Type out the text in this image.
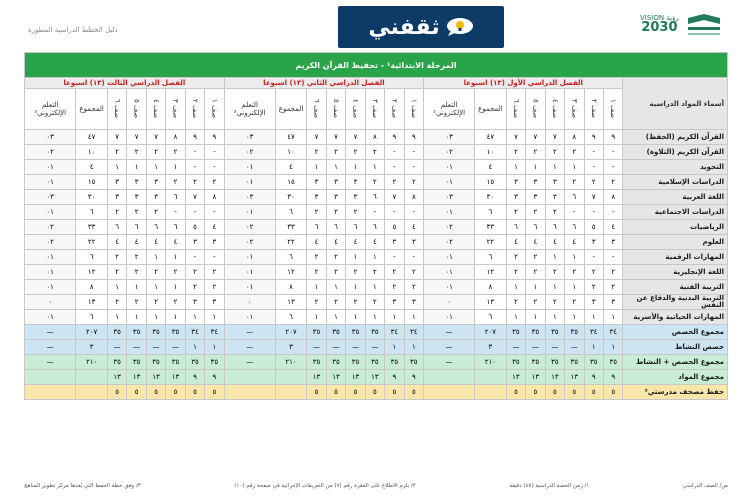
دليل الخطط الدراسية المطورة	ثقفني	VISION رؤية
2030
المرحلة الابتدائية¹ - تحفيظ القرآن الكريم																								
أسماء المواد الدراسية	الفصل الدراسي الأول (١٣) اسبوعا								الفصل الدراسي الثاني (١٣) اسبوعا								الفصل الدراسي الثالث (١٣) اسبوعا							
	صف ١	صف ٢	صف ٣	صف ٤	صف ٥	صف ٦	المجموع	التعلم الإلكتروني²	صف ١	صف ٢	صف ٣	صف ٤	صف ٥	صف ٦	المجموع	التعلم الإلكتروني²	صف ١	صف ٢	صف ٣	صف ٤	صف ٥	صف ٦	المجموع	التعلم الإلكتروني²
القرآن الكريم (الحفظ)	٩	٩	٨	٧	٧	٧	٤٧	٠٣	٩	٩	٨	٧	٧	٧	٤٧	٠٣	٩	٩	٨	٧	٧	٧	٤٧	٠٣
القرآن الكريم (التلاوة)	-	-	٢	٢	٢	٢	١٠	٠٢	-	-	٢	٢	٢	٢	١٠	٠٢	-	-	٢	٢	٢	٢	١٠	٠٢
التجويد	-	-	١	١	١	١	٤	٠١	-	-	١	١	١	١	٤	٠١	-	-	١	١	١	١	٤	٠١
الدراسات الإسلامية	٢	٢	٢	٣	٣	٣	١٥	٠١	٢	٢	٢	٣	٣	٣	١٥	٠١	٢	٢	٢	٣	٣	٣	١٥	٠١
اللغة العربية	٨	٧	٦	٣	٣	٣	٣٠	٠٣	٨	٧	٦	٣	٣	٣	٣٠	٠٣	٨	٧	٦	٣	٣	٣	٣٠	٠٣
الدراسات الاجتماعية	-	-	-	٢	٢	٢	٦	٠١	-	-	-	٢	٢	٢	٦	٠١	-	-	-	٢	٢	٢	٦	٠١
الرياضيات	٤	٥	٦	٦	٦	٦	٣٣	٠٢	٤	٥	٦	٦	٦	٦	٣٣	٠٢	٤	٥	٦	٦	٦	٦	٣٣	٠٢
العلوم	٣	٣	٤	٤	٤	٤	٢٢	٠٢	٣	٣	٤	٤	٤	٤	٢٢	٠٢	٣	٣	٤	٤	٤	٤	٢٢	٠٢
المهارات الرقمية	-	-	١	١	٢	٢	٦	٠١	-	-	١	١	٢	٢	٦	٠١	-	-	١	١	٢	٢	٦	٠١
اللغة الإنجليزية	٢	٢	٢	٢	٢	٢	١٢	٠١	٢	٢	٢	٢	٢	٢	١٢	٠١	٢	٢	٢	٢	٢	٢	١٢	٠١
التربية الفنية	٢	٢	١	١	١	١	٨	٠١	٢	٢	١	١	١	١	٨	٠١	٢	٢	١	١	١	١	٨	٠١
التربية البدنية والدفاع عن النفس	٣	٣	٢	٢	٢	٢	١٣	٠	٣	٣	٢	٢	٢	٢	١٣	٠	٣	٣	٢	٢	٢	٢	١٣	٠
المهارات الحياتية والأسرية	١	١	١	١	١	١	٦	٠١	١	١	١	١	١	١	٦	٠١	١	١	١	١	١	١	٦	٠١
مجموع الحصص	٣٤	٣٤	٣٥	٣٥	٣٥	٣٥	٢٠٧	—	٣٤	٣٤	٣٥	٣٥	٣٥	٣٥	٢٠٧	—	٣٤	٣٤	٣٥	٣٥	٣٥	٣٥	٢٠٧	—
حصص النشاط	١	١	—	—	—	—	٣	—	١	١	—	—	—	—	٣	—	١	١	—	—	—	—	٣	—
مجموع الحصص + النشاط	٣٥	٣٥	٣٥	٣٥	٣٥	٣٥	٢١٠	—	٣٥	٣٥	٣٥	٣٥	٣٥	٣٥	٢١٠	—	٣٥	٣٥	٣٥	٣٥	٣٥	٣٥	٢١٠	—
مجموع المواد	٩	٩	١٣	١٣	١٣	١٣			٩	٩	١٣	١٣	١٣	١٣			٩	٩	١٣	١٣	١٣	١٣		
حفظ مصحف مدرستي³	٥	٥	٥	٥	٥	٥			٥	٥	٥	٥	٥	٥			٥	٥	٥	٥	٥	٥		
ص/ الصف الدراسي
١/ زمن الحصة الدراسية (٤٥) دقيقة
٢/ يلزم الاطلاع على الفقرة رقم (٧) من التعريفات الإجرائية في صفحة رقم (١٠)
٣/ وفق خطة الحفظ التي يُعدها مركز تطوير المناهج
